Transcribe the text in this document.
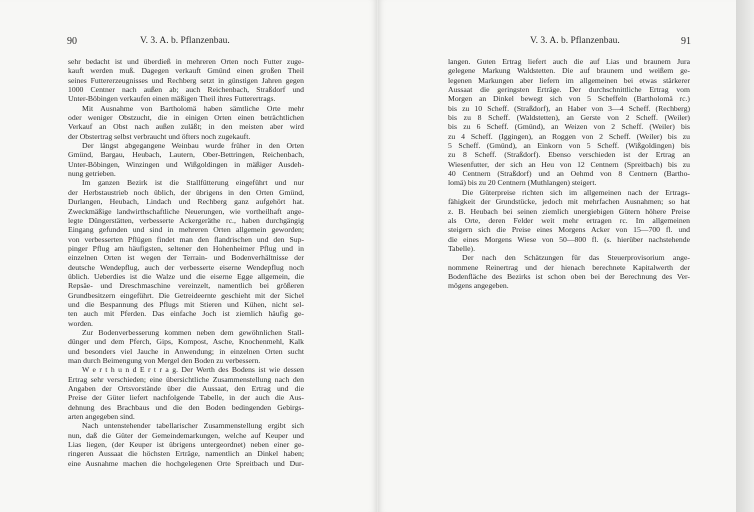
90	V. 3. A. b. Pflanzenbau.
sehr bedacht ist und überdieß in mehreren Orten noch Futter zuge-
kauft werden muß. Dagegen verkauft Gmünd einen großen Theil
seines Futtererzeugnisses und Rechberg setzt in günstigen Jahren gegen
1000 Centner nach außen ab; auch Reichenbach, Straßdorf und
Unter-Böbingen verkaufen einen mäßigen Theil ihres Futterertrags.
Mit Ausnahme von Bartholomä haben sämtliche Orte mehr
oder weniger Obstzucht, die in einigen Orten einen beträchtlichen
Verkauf an Obst nach außen zuläßt; in den meisten aber wird
der Obstertrag selbst verbraucht und öfters noch zugekauft.
Der längst abgegangene Weinbau wurde früher in den Orten
Gmünd, Bargau, Heubach, Lautern, Ober-Bettringen, Reichenbach,
Unter-Böbingen, Winzingen und Wißgoldingen in mäßiger Ausdeh-
nung getrieben.
Im ganzen Bezirk ist die Stallfütterung eingeführt und nur
der Herbstaustrieb noch üblich, der übrigens in den Orten Gmünd,
Durlangen, Heubach, Lindach und Rechberg ganz aufgehört hat.
Zweckmäßige landwirthschaftliche Neuerungen, wie vortheilhaft ange-
legte Düngerstätten, verbesserte Ackergeräthe rc., haben durchgängig
Eingang gefunden und sind in mehreren Orten allgemein geworden;
von verbesserten Pflügen findet man den flandrischen und den Sup-
pinger Pflug am häufigsten, seltener den Hohenheimer Pflug und in
einzelnen Orten ist wegen der Terrain- und Bodenverhältnisse der
deutsche Wendepflug, auch der verbesserte eiserne Wendepflug noch
üblich. Ueberdies ist die Walze und die eiserne Egge allgemein, die
Repsäe- und Dreschmaschine vereinzelt, namentlich bei größeren
Grundbesitzern eingeführt. Die Getreideernte geschieht mit der Sichel
und die Bespannung des Pflugs mit Stieren und Kühen, nicht sel-
ten auch mit Pferden. Das einfache Joch ist ziemlich häufig ge-
worden.
Zur Bodenverbesserung kommen neben dem gewöhnlichen Stall-
dünger und dem Pferch, Gips, Kompost, Asche, Knochenmehl, Kalk
und besonders viel Jauche in Anwendung; in einzelnen Orten sucht
man durch Beimengung von Mergel den Boden zu verbessern.
W e r t h u n d E r t r a g. Der Werth des Bodens ist wie dessen
Ertrag sehr verschieden; eine übersichtliche Zusammenstellung nach den
Angaben der Ortsvorstände über die Aussaat, den Ertrag und die
Preise der Güter liefert nachfolgende Tabelle, in der auch die Aus-
dehnung des Brachbaus und die den Boden bedingenden Gebirgs-
arten angegeben sind.
Nach untenstehender tabellarischer Zusammenstellung ergibt sich
nun, daß die Güter der Gemeindemarkungen, welche auf Keuper und
Lias liegen, (der Keuper ist übrigens untergeordnet) neben einer ge-
ringeren Aussaat die höchsten Erträge, namentlich an Dinkel haben;
eine Ausnahme machen die hochgelegenen Orte Spreitbach und Dur-
V. 3. A. b. Pflanzenbau.	91
langen. Guten Ertrag liefert auch die auf Lias und braunem Jura
gelegene Markung Waldstetten. Die auf braunem und weißem ge-
legenen Markungen aber liefern im allgemeinen bei etwas stärkerer
Aussaat die geringsten Erträge. Der durchschnittliche Ertrag vom
Morgen an Dinkel bewegt sich von 5 Scheffeln (Bartholomä rc.)
bis zu 10 Scheff. (Straßdorf), an Haber von 3—4 Scheff. (Rechberg)
bis zu 8 Scheff. (Waldstetten), an Gerste von 2 Scheff. (Weiler)
bis zu 6 Scheff. (Gmünd), an Weizen von 2 Scheff. (Weiler) bis
zu 4 Scheff. (Iggingen), an Roggen von 2 Scheff. (Weiler) bis zu
5 Scheff. (Gmünd), an Einkorn von 5 Scheff. (Wißgoldingen) bis
zu 8 Scheff. (Straßdorf). Ebenso verschieden ist der Ertrag an
Wiesenfutter, der sich an Heu von 12 Centnern (Spreitbach) bis zu
40 Centnern (Straßdorf) und an Oehmd von 8 Centnern (Bartho-
lomä) bis zu 20 Centnern (Muthlangen) steigert.
Die Güterpreise richten sich im allgemeinen nach der Ertrags-
fähigkeit der Grundstücke, jedoch mit mehrfachen Ausnahmen; so hat
z. B. Heubach bei seinen ziemlich unergiebigen Gütern höhere Preise
als Orte, deren Felder weit mehr ertragen rc. Im allgemeinen
steigern sich die Preise eines Morgens Acker von 15—700 fl. und
die eines Morgens Wiese von 50—800 fl. (s. hierüber nachstehende
Tabelle).
Der nach den Schätzungen für das Steuerprovisorium ange-
nommene Reinertrag und der hienach berechnete Kapitalwerth der
Bodenfläche des Bezirks ist schon oben bei der Berechnung des Ver-
mögens angegeben.
